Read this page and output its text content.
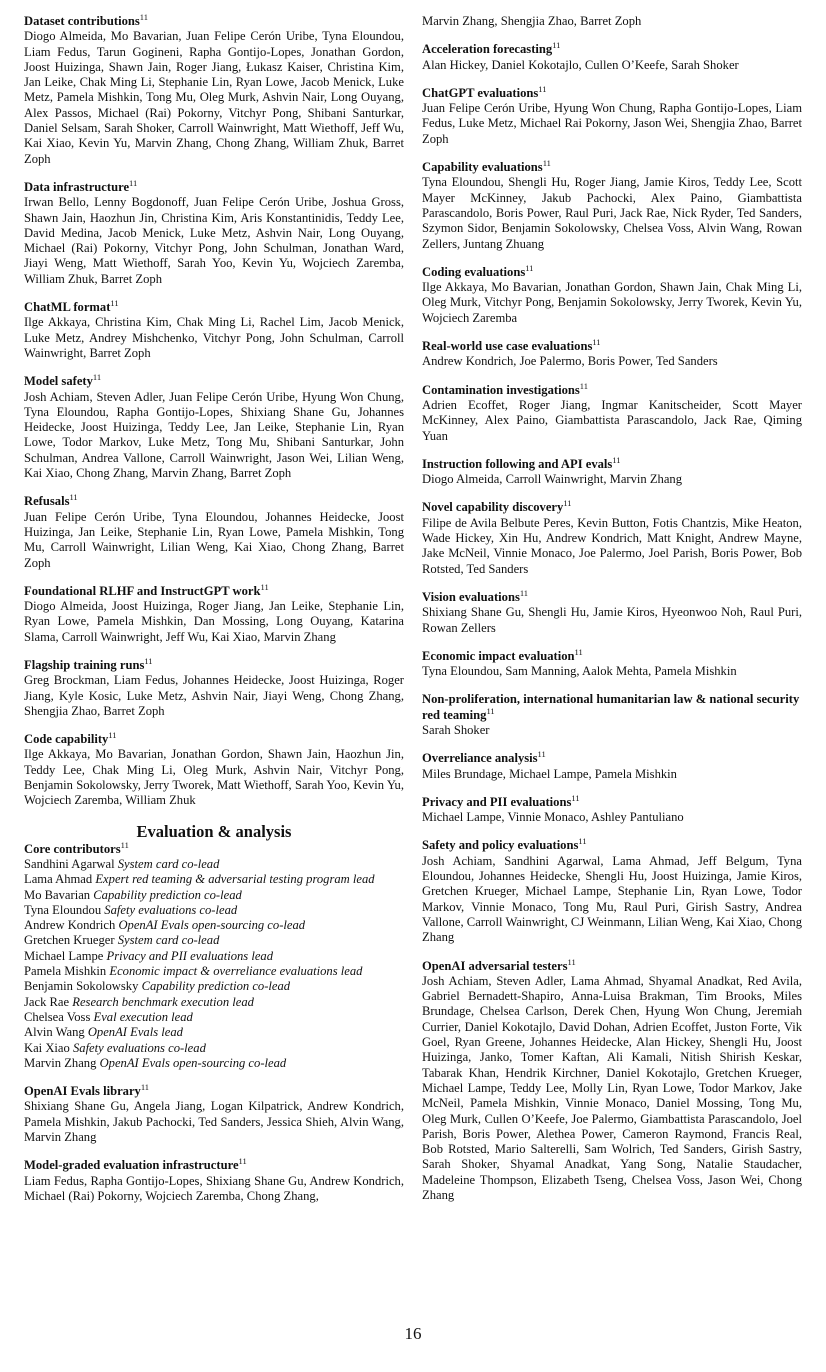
Dataset contributions$^{11}$
Diogo Almeida, Mo Bavarian, Juan Felipe Cerón Uribe, Tyna Eloundou, Liam Fedus, Tarun Gogineni, Rapha Gontijo-Lopes, Jonathan Gordon, Joost Huizinga, Shawn Jain, Roger Jiang, Łukasz Kaiser, Christina Kim, Jan Leike, Chak Ming Li, Stephanie Lin, Ryan Lowe, Jacob Menick, Luke Metz, Pamela Mishkin, Tong Mu, Oleg Murk, Ashvin Nair, Long Ouyang, Alex Passos, Michael (Rai) Pokorny, Vitchyr Pong, Shibani Santurkar, Daniel Selsam, Sarah Shoker, Carroll Wainwright, Matt Wiethoff, Jeff Wu, Kai Xiao, Kevin Yu, Marvin Zhang, Chong Zhang, William Zhuk, Barret Zoph
Data infrastructure$^{11}$
Irwan Bello, Lenny Bogdonoff, Juan Felipe Cerón Uribe, Joshua Gross, Shawn Jain, Haozhun Jin, Christina Kim, Aris Konstantinidis, Teddy Lee, David Medina, Jacob Menick, Luke Metz, Ashvin Nair, Long Ouyang, Michael (Rai) Pokorny, Vitchyr Pong, John Schulman, Jonathan Ward, Jiayi Weng, Matt Wiethoff, Sarah Yoo, Kevin Yu, Wojciech Zaremba, William Zhuk, Barret Zoph
ChatML format$^{11}$
Ilge Akkaya, Christina Kim, Chak Ming Li, Rachel Lim, Jacob Menick, Luke Metz, Andrey Mishchenko, Vitchyr Pong, John Schulman, Carroll Wainwright, Barret Zoph
Model safety$^{11}$
Josh Achiam, Steven Adler, Juan Felipe Cerón Uribe, Hyung Won Chung, Tyna Eloundou, Rapha Gontijo-Lopes, Shixiang Shane Gu, Johannes Heidecke, Joost Huizinga, Teddy Lee, Jan Leike, Stephanie Lin, Ryan Lowe, Todor Markov, Luke Metz, Tong Mu, Shibani Santurkar, John Schulman, Andrea Vallone, Carroll Wainwright, Jason Wei, Lilian Weng, Kai Xiao, Chong Zhang, Marvin Zhang, Barret Zoph
Refusals$^{11}$
Juan Felipe Cerón Uribe, Tyna Eloundou, Johannes Heidecke, Joost Huizinga, Jan Leike, Stephanie Lin, Ryan Lowe, Pamela Mishkin, Tong Mu, Carroll Wainwright, Lilian Weng, Kai Xiao, Chong Zhang, Barret Zoph
Foundational RLHF and InstructGPT work$^{11}$
Diogo Almeida, Joost Huizinga, Roger Jiang, Jan Leike, Stephanie Lin, Ryan Lowe, Pamela Mishkin, Dan Mossing, Long Ouyang, Katarina Slama, Carroll Wainwright, Jeff Wu, Kai Xiao, Marvin Zhang
Flagship training runs$^{11}$
Greg Brockman, Liam Fedus, Johannes Heidecke, Joost Huizinga, Roger Jiang, Kyle Kosic, Luke Metz, Ashvin Nair, Jiayi Weng, Chong Zhang, Shengjia Zhao, Barret Zoph
Code capability$^{11}$
Ilge Akkaya, Mo Bavarian, Jonathan Gordon, Shawn Jain, Haozhun Jin, Teddy Lee, Chak Ming Li, Oleg Murk, Ashvin Nair, Vitchyr Pong, Benjamin Sokolowsky, Jerry Tworek, Matt Wiethoff, Sarah Yoo, Kevin Yu, Wojciech Zaremba, William Zhuk
Evaluation & analysis
Core contributors$^{11}$
Sandhini Agarwal System card co-lead
Lama Ahmad Expert red teaming & adversarial testing program lead
Mo Bavarian Capability prediction co-lead
Tyna Eloundou Safety evaluations co-lead
Andrew Kondrich OpenAI Evals open-sourcing co-lead
Gretchen Krueger System card co-lead
Michael Lampe Privacy and PII evaluations lead
Pamela Mishkin Economic impact & overreliance evaluations lead
Benjamin Sokolowsky Capability prediction co-lead
Jack Rae Research benchmark execution lead
Chelsea Voss Eval execution lead
Alvin Wang OpenAI Evals lead
Kai Xiao Safety evaluations co-lead
Marvin Zhang OpenAI Evals open-sourcing co-lead
OpenAI Evals library$^{11}$
Shixiang Shane Gu, Angela Jiang, Logan Kilpatrick, Andrew Kondrich, Pamela Mishkin, Jakub Pachocki, Ted Sanders, Jessica Shieh, Alvin Wang, Marvin Zhang
Model-graded evaluation infrastructure$^{11}$
Liam Fedus, Rapha Gontijo-Lopes, Shixiang Shane Gu, Andrew Kondrich, Michael (Rai) Pokorny, Wojciech Zaremba, Chong Zhang,
Marvin Zhang, Shengjia Zhao, Barret Zoph
Acceleration forecasting$^{11}$
Alan Hickey, Daniel Kokotajlo, Cullen O’Keefe, Sarah Shoker
ChatGPT evaluations$^{11}$
Juan Felipe Cerón Uribe, Hyung Won Chung, Rapha Gontijo-Lopes, Liam Fedus, Luke Metz, Michael Rai Pokorny, Jason Wei, Shengjia Zhao, Barret Zoph
Capability evaluations$^{11}$
Tyna Eloundou, Shengli Hu, Roger Jiang, Jamie Kiros, Teddy Lee, Scott Mayer McKinney, Jakub Pachocki, Alex Paino, Giambattista Parascandolo, Boris Power, Raul Puri, Jack Rae, Nick Ryder, Ted Sanders, Szymon Sidor, Benjamin Sokolowsky, Chelsea Voss, Alvin Wang, Rowan Zellers, Juntang Zhuang
Coding evaluations$^{11}$
Ilge Akkaya, Mo Bavarian, Jonathan Gordon, Shawn Jain, Chak Ming Li, Oleg Murk, Vitchyr Pong, Benjamin Sokolowsky, Jerry Tworek, Kevin Yu, Wojciech Zaremba
Real-world use case evaluations$^{11}$
Andrew Kondrich, Joe Palermo, Boris Power, Ted Sanders
Contamination investigations$^{11}$
Adrien Ecoffet, Roger Jiang, Ingmar Kanitscheider, Scott Mayer McKinney, Alex Paino, Giambattista Parascandolo, Jack Rae, Qiming Yuan
Instruction following and API evals$^{11}$
Diogo Almeida, Carroll Wainwright, Marvin Zhang
Novel capability discovery$^{11}$
Filipe de Avila Belbute Peres, Kevin Button, Fotis Chantzis, Mike Heaton, Wade Hickey, Xin Hu, Andrew Kondrich, Matt Knight, Andrew Mayne, Jake McNeil, Vinnie Monaco, Joe Palermo, Joel Parish, Boris Power, Bob Rotsted, Ted Sanders
Vision evaluations$^{11}$
Shixiang Shane Gu, Shengli Hu, Jamie Kiros, Hyeonwoo Noh, Raul Puri, Rowan Zellers
Economic impact evaluation$^{11}$
Tyna Eloundou, Sam Manning, Aalok Mehta, Pamela Mishkin
Non-proliferation, international humanitarian law & national security red teaming$^{11}$
Sarah Shoker
Overreliance analysis$^{11}$
Miles Brundage, Michael Lampe, Pamela Mishkin
Privacy and PII evaluations$^{11}$
Michael Lampe, Vinnie Monaco, Ashley Pantuliano
Safety and policy evaluations$^{11}$
Josh Achiam, Sandhini Agarwal, Lama Ahmad, Jeff Belgum, Tyna Eloundou, Johannes Heidecke, Shengli Hu, Joost Huizinga, Jamie Kiros, Gretchen Krueger, Michael Lampe, Stephanie Lin, Ryan Lowe, Todor Markov, Vinnie Monaco, Tong Mu, Raul Puri, Girish Sastry, Andrea Vallone, Carroll Wainwright, CJ Weinmann, Lilian Weng, Kai Xiao, Chong Zhang
OpenAI adversarial testers$^{11}$
Josh Achiam, Steven Adler, Lama Ahmad, Shyamal Anadkat, Red Avila, Gabriel Bernadett-Shapiro, Anna-Luisa Brakman, Tim Brooks, Miles Brundage, Chelsea Carlson, Derek Chen, Hyung Won Chung, Jeremiah Currier, Daniel Kokotajlo, David Dohan, Adrien Ecoffet, Juston Forte, Vik Goel, Ryan Greene, Johannes Heidecke, Alan Hickey, Shengli Hu, Joost Huizinga, Janko, Tomer Kaftan, Ali Kamali, Nitish Shirish Keskar, Tabarak Khan, Hendrik Kirchner, Daniel Kokotajlo, Gretchen Krueger, Michael Lampe, Teddy Lee, Molly Lin, Ryan Lowe, Todor Markov, Jake McNeil, Pamela Mishkin, Vinnie Monaco, Daniel Mossing, Tong Mu, Oleg Murk, Cullen O’Keefe, Joe Palermo, Giambattista Parascandolo, Joel Parish, Boris Power, Alethea Power, Cameron Raymond, Francis Real, Bob Rotsted, Mario Salterelli, Sam Wolrich, Ted Sanders, Girish Sastry, Sarah Shoker, Shyamal Anadkat, Yang Song, Natalie Staudacher, Madeleine Thompson, Elizabeth Tseng, Chelsea Voss, Jason Wei, Chong Zhang
16
